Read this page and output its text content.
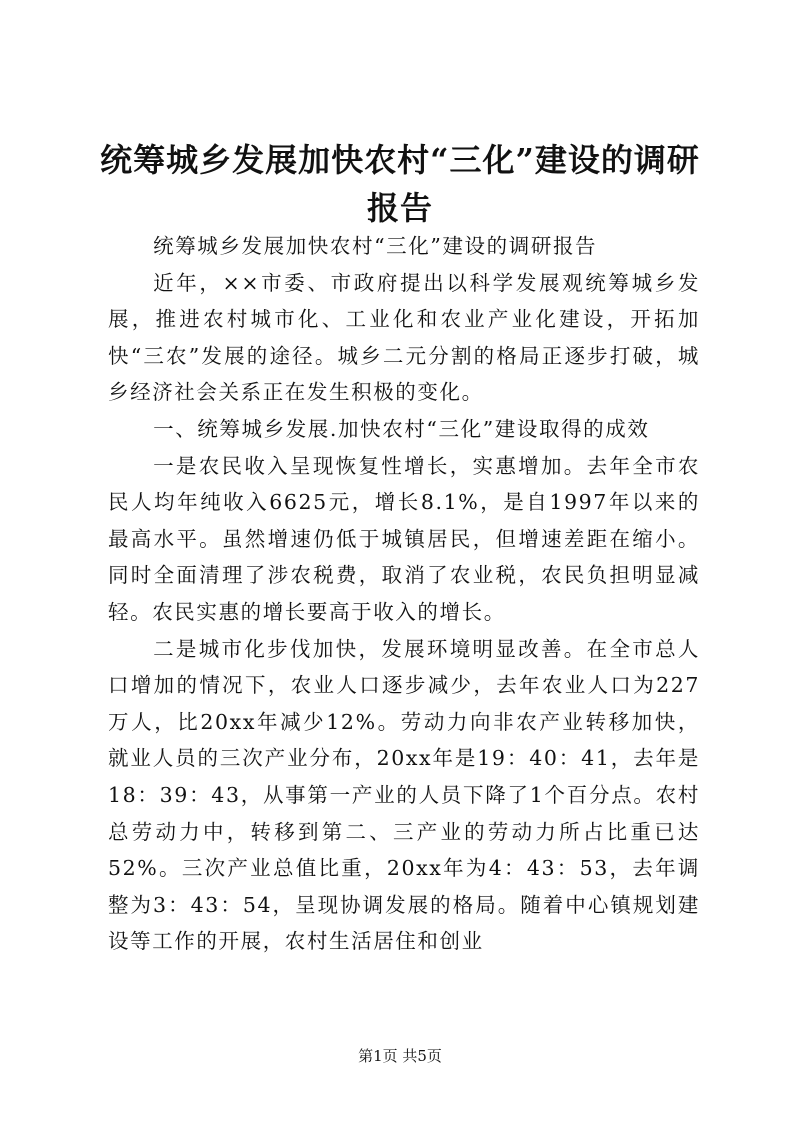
统筹城乡发展加快农村“三化”建设的调研报告

统筹城乡发展加快农村“三化”建设的调研报告

近年，××市委、市政府提出以科学发展观统筹城乡发展，推进农村城市化、工业化和农业产业化建设，开拓加快“三农”发展的途径。城乡二元分割的格局正逐步打破，城乡经济社会关系正在发生积极的变化。

一、统筹城乡发展.加快农村“三化”建设取得的成效

一是农民收入呈现恢复性增长，实惠增加。去年全市农民人均年纯收入6625元，增长8.1%，是自1997年以来的最高水平。虽然增速仍低于城镇居民，但增速差距在缩小。同时全面清理了涉农税费，取消了农业税，农民负担明显减轻。农民实惠的增长要高于收入的增长。

二是城市化步伐加快，发展环境明显改善。在全市总人口增加的情况下，农业人口逐步减少，去年农业人口为227万人，比20xx年减少12%。劳动力向非农产业转移加快，就业人员的三次产业分布，20xx年是19：40：41，去年是18：39：43，从事第一产业的人员下降了1个百分点。农村总劳动力中，转移到第二、三产业的劳动力所占比重已达52%。三次产业总值比重，20xx年为4：43：53，去年调整为3：43：54，呈现协调发展的格局。随着中心镇规划建设等工作的开展，农村生活居住和创业

第1页 共5页
